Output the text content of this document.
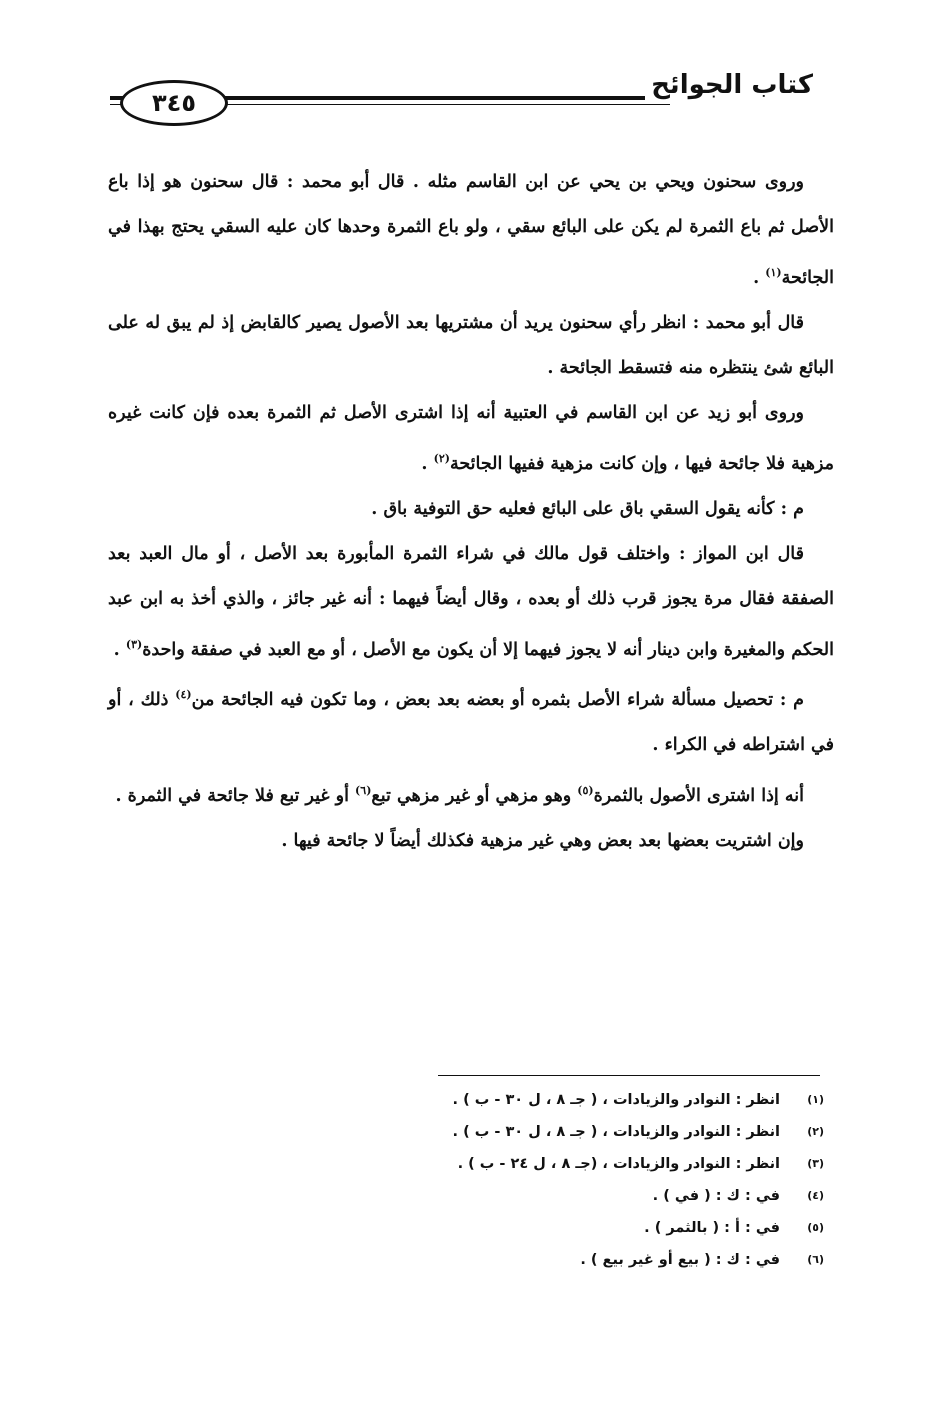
كتاب الجوائح
٣٤٥

وروى سحنون ويحي بن يحي عن ابن القاسم مثله . قال أبو محمد : قال سحنون هو إذا باع الأصل ثم باع الثمرة لم يكن على البائع سقي ، ولو باع الثمرة وحدها كان عليه السقي يحتج بهذا في الجائحة$^{(١)}$ .

قال أبو محمد : انظر رأي سحنون يريد أن مشتريها بعد الأصول يصير كالقابض إذ لم يبق له على البائع شئ ينتظره منه فتسقط الجائحة .

وروى أبو زيد عن ابن القاسم في العتبية أنه إذا اشترى الأصل ثم الثمرة بعده فإن كانت غيره مزهية فلا جائحة فيها ، وإن كانت مزهية ففيها الجائحة$^{(٢)}$ .

م : كأنه يقول السقي باق على البائع فعليه حق التوفية باق .

قال ابن المواز : واختلف قول مالك في شراء الثمرة المأبورة بعد الأصل ، أو مال العبد بعد الصفقة فقال مرة يجوز قرب ذلك أو بعده ، وقال أيضاً فيهما : أنه غير جائز ، والذي أخذ به ابن عبد الحكم والمغيرة وابن دينار أنه لا يجوز فيهما إلا أن يكون مع الأصل ، أو مع العبد في صفقة واحدة$^{(٣)}$ .

م : تحصيل مسألة شراء الأصل بثمره أو بعضه بعد بعض ، وما تكون فيه الجائحة من$^{(٤)}$ ذلك ، أو في اشتراطه في الكراء .

أنه إذا اشترى الأصول بالثمرة$^{(٥)}$ وهو مزهي أو غير مزهي تبع$^{(٦)}$ أو غير تبع فلا جائحة في الثمرة .

وإن اشتريت بعضها بعد بعض وهي غير مزهية فكذلك أيضاً لا جائحة فيها .

(١)
انظر : النوادر والزيادات ، ( جـ ٨ ، ل ٣٠ - ب ) .
(٢)
انظر : النوادر والزيادات ، ( جـ ٨ ، ل ٣٠ - ب ) .
(٣)
انظر : النوادر والزيادات ، (جـ ٨ ، ل ٢٤ - ب ) .
(٤)
في : ك : ( في ) .
(٥)
في : أ : ( بالثمر ) .
(٦)
في : ك : ( بيع أو غير بيع ) .
